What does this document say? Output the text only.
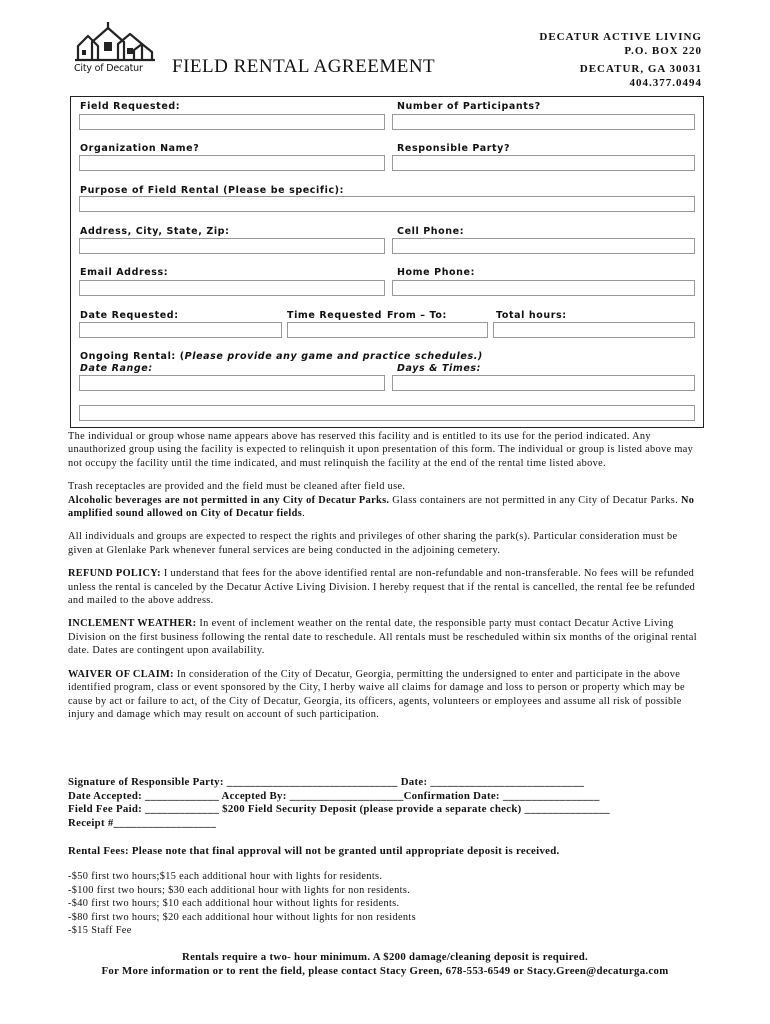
City of Decatur FIELD RENTAL AGREEMENT
DECATUR ACTIVE LIVING
P.O. BOX 220
DECATUR, GA 30031
404.377.0494
Field Requested:	Number of Participants?
Organization Name?	Responsible Party?
Purpose of Field Rental (Please be specific):
Address, City, State, Zip:	Cell Phone:
Email Address:	Home Phone:
Date Requested:	Time Requested From – To:	Total hours:
Ongoing Rental: (Please provide any game and practice schedules.)
Date Range:	Days & Times:

The individual or group whose name appears above has reserved this facility and is entitled to its use for the period indicated. Any unauthorized group using the facility is expected to relinquish it upon presentation of this form. The individual or group is listed above may not occupy the facility until the time indicated, and must relinquish the facility at the end of the rental time listed above.

Trash receptacles are provided and the field must be cleaned after field use.
Alcoholic beverages are not permitted in any City of Decatur Parks. Glass containers are not permitted in any City of Decatur Parks. No amplified sound allowed on City of Decatur fields.

All individuals and groups are expected to respect the rights and privileges of other sharing the park(s). Particular consideration must be given at Glenlake Park whenever funeral services are being conducted in the adjoining cemetery.

REFUND POLICY: I understand that fees for the above identified rental are non-refundable and non-transferable. No fees will be refunded unless the rental is canceled by the Decatur Active Living Division. I hereby request that if the rental is cancelled, the rental fee be refunded and mailed to the above address.

INCLEMENT WEATHER: In event of inclement weather on the rental date, the responsible party must contact Decatur Active Living Division on the first business following the rental date to reschedule. All rentals must be rescheduled within six months of the original rental date. Dates are contingent upon availability.

WAIVER OF CLAIM: In consideration of the City of Decatur, Georgia, permitting the undersigned to enter and participate in the above identified program, class or event sponsored by the City, I herby waive all claims for damage and loss to person or property which may be cause by act or failure to act, of the City of Decatur, Georgia, its officers, agents, volunteers or employees and assume all risk of possible injury and damage which may result on account of such participation.

Signature of Responsible Party: ______________________________ Date: ___________________________
Date Accepted: _____________ Accepted By: ____________________Confirmation Date: _________________
Field Fee Paid: _____________ $200 Field Security Deposit (please provide a separate check) _______________
Receipt #__________________
Rental Fees: Please note that final approval will not be granted until appropriate deposit is received.
-$50 first two hours;$15 each additional hour with lights for residents.
-$100 first two hours; $30 each additional hour with lights for non residents.
-$40 first two hours; $10 each additional hour without lights for residents.
-$80 first two hours; $20 each additional hour without lights for non residents
-$15 Staff Fee
Rentals require a two- hour minimum. A $200 damage/cleaning deposit is required.
For More information or to rent the field, please contact Stacy Green, 678-553-6549 or Stacy.Green@decaturga.com
